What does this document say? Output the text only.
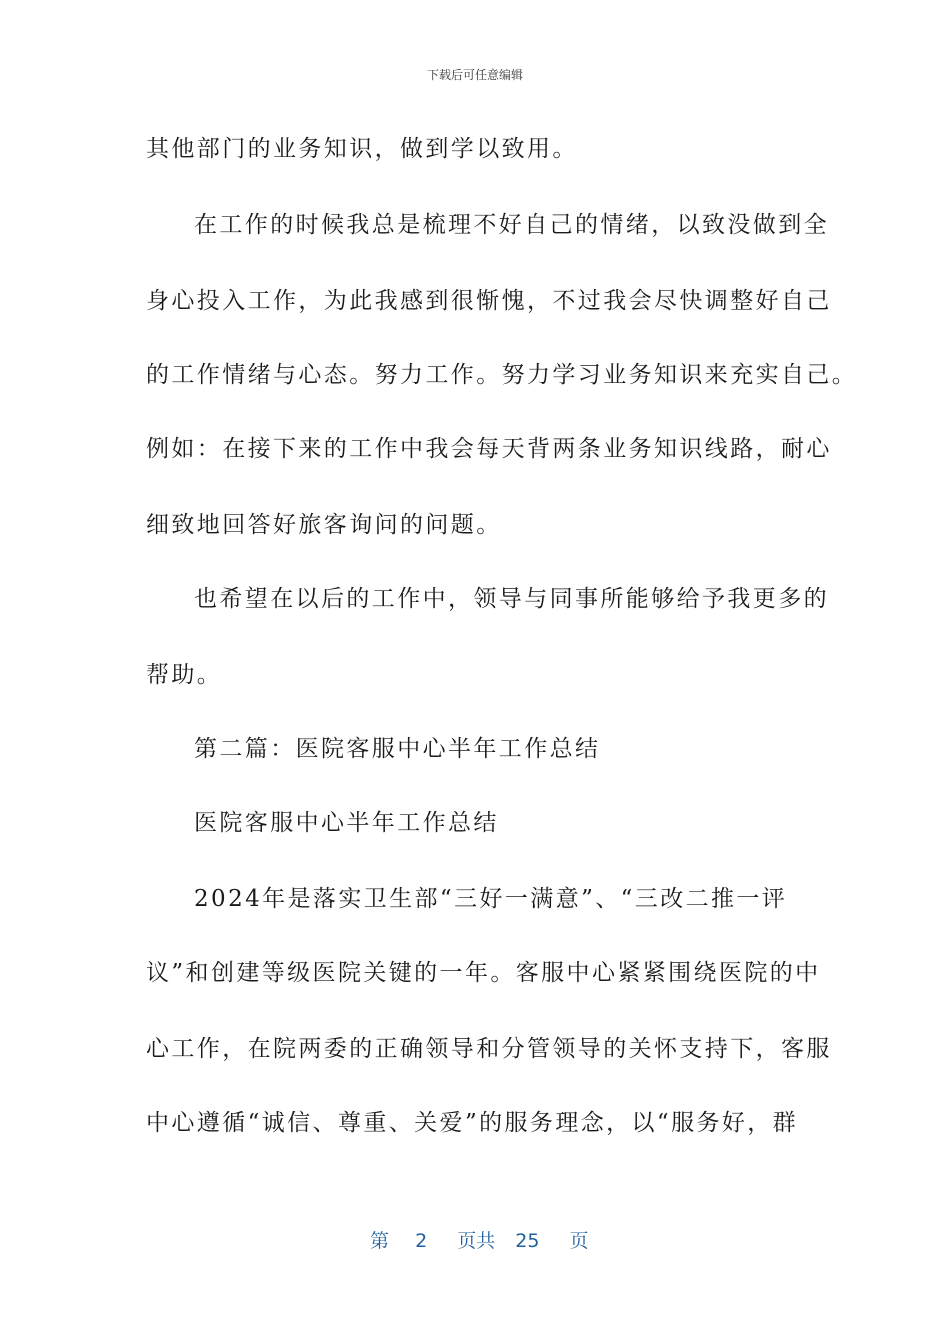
下载后可任意编辑
其他部门的业务知识，做到学以致用。
在工作的时候我总是梳理不好自己的情绪，以致没做到全
身心投入工作，为此我感到很惭愧，不过我会尽快调整好自己
的工作情绪与心态。努力工作。努力学习业务知识来充实自己。
例如：在接下来的工作中我会每天背两条业务知识线路，耐心
细致地回答好旅客询问的问题。
也希望在以后的工作中，领导与同事所能够给予我更多的
帮助。
第二篇：医院客服中心半年工作总结
医院客服中心半年工作总结
2024年是落实卫生部“三好一满意”、“三改二推一评
议”和创建等级医院关键的一年。客服中心紧紧围绕医院的中
心工作，在院两委的正确领导和分管领导的关怀支持下，客服
中心遵循“诚信、尊重、关爱”的服务理念，以“服务好，群
第 2 页共 25 页
